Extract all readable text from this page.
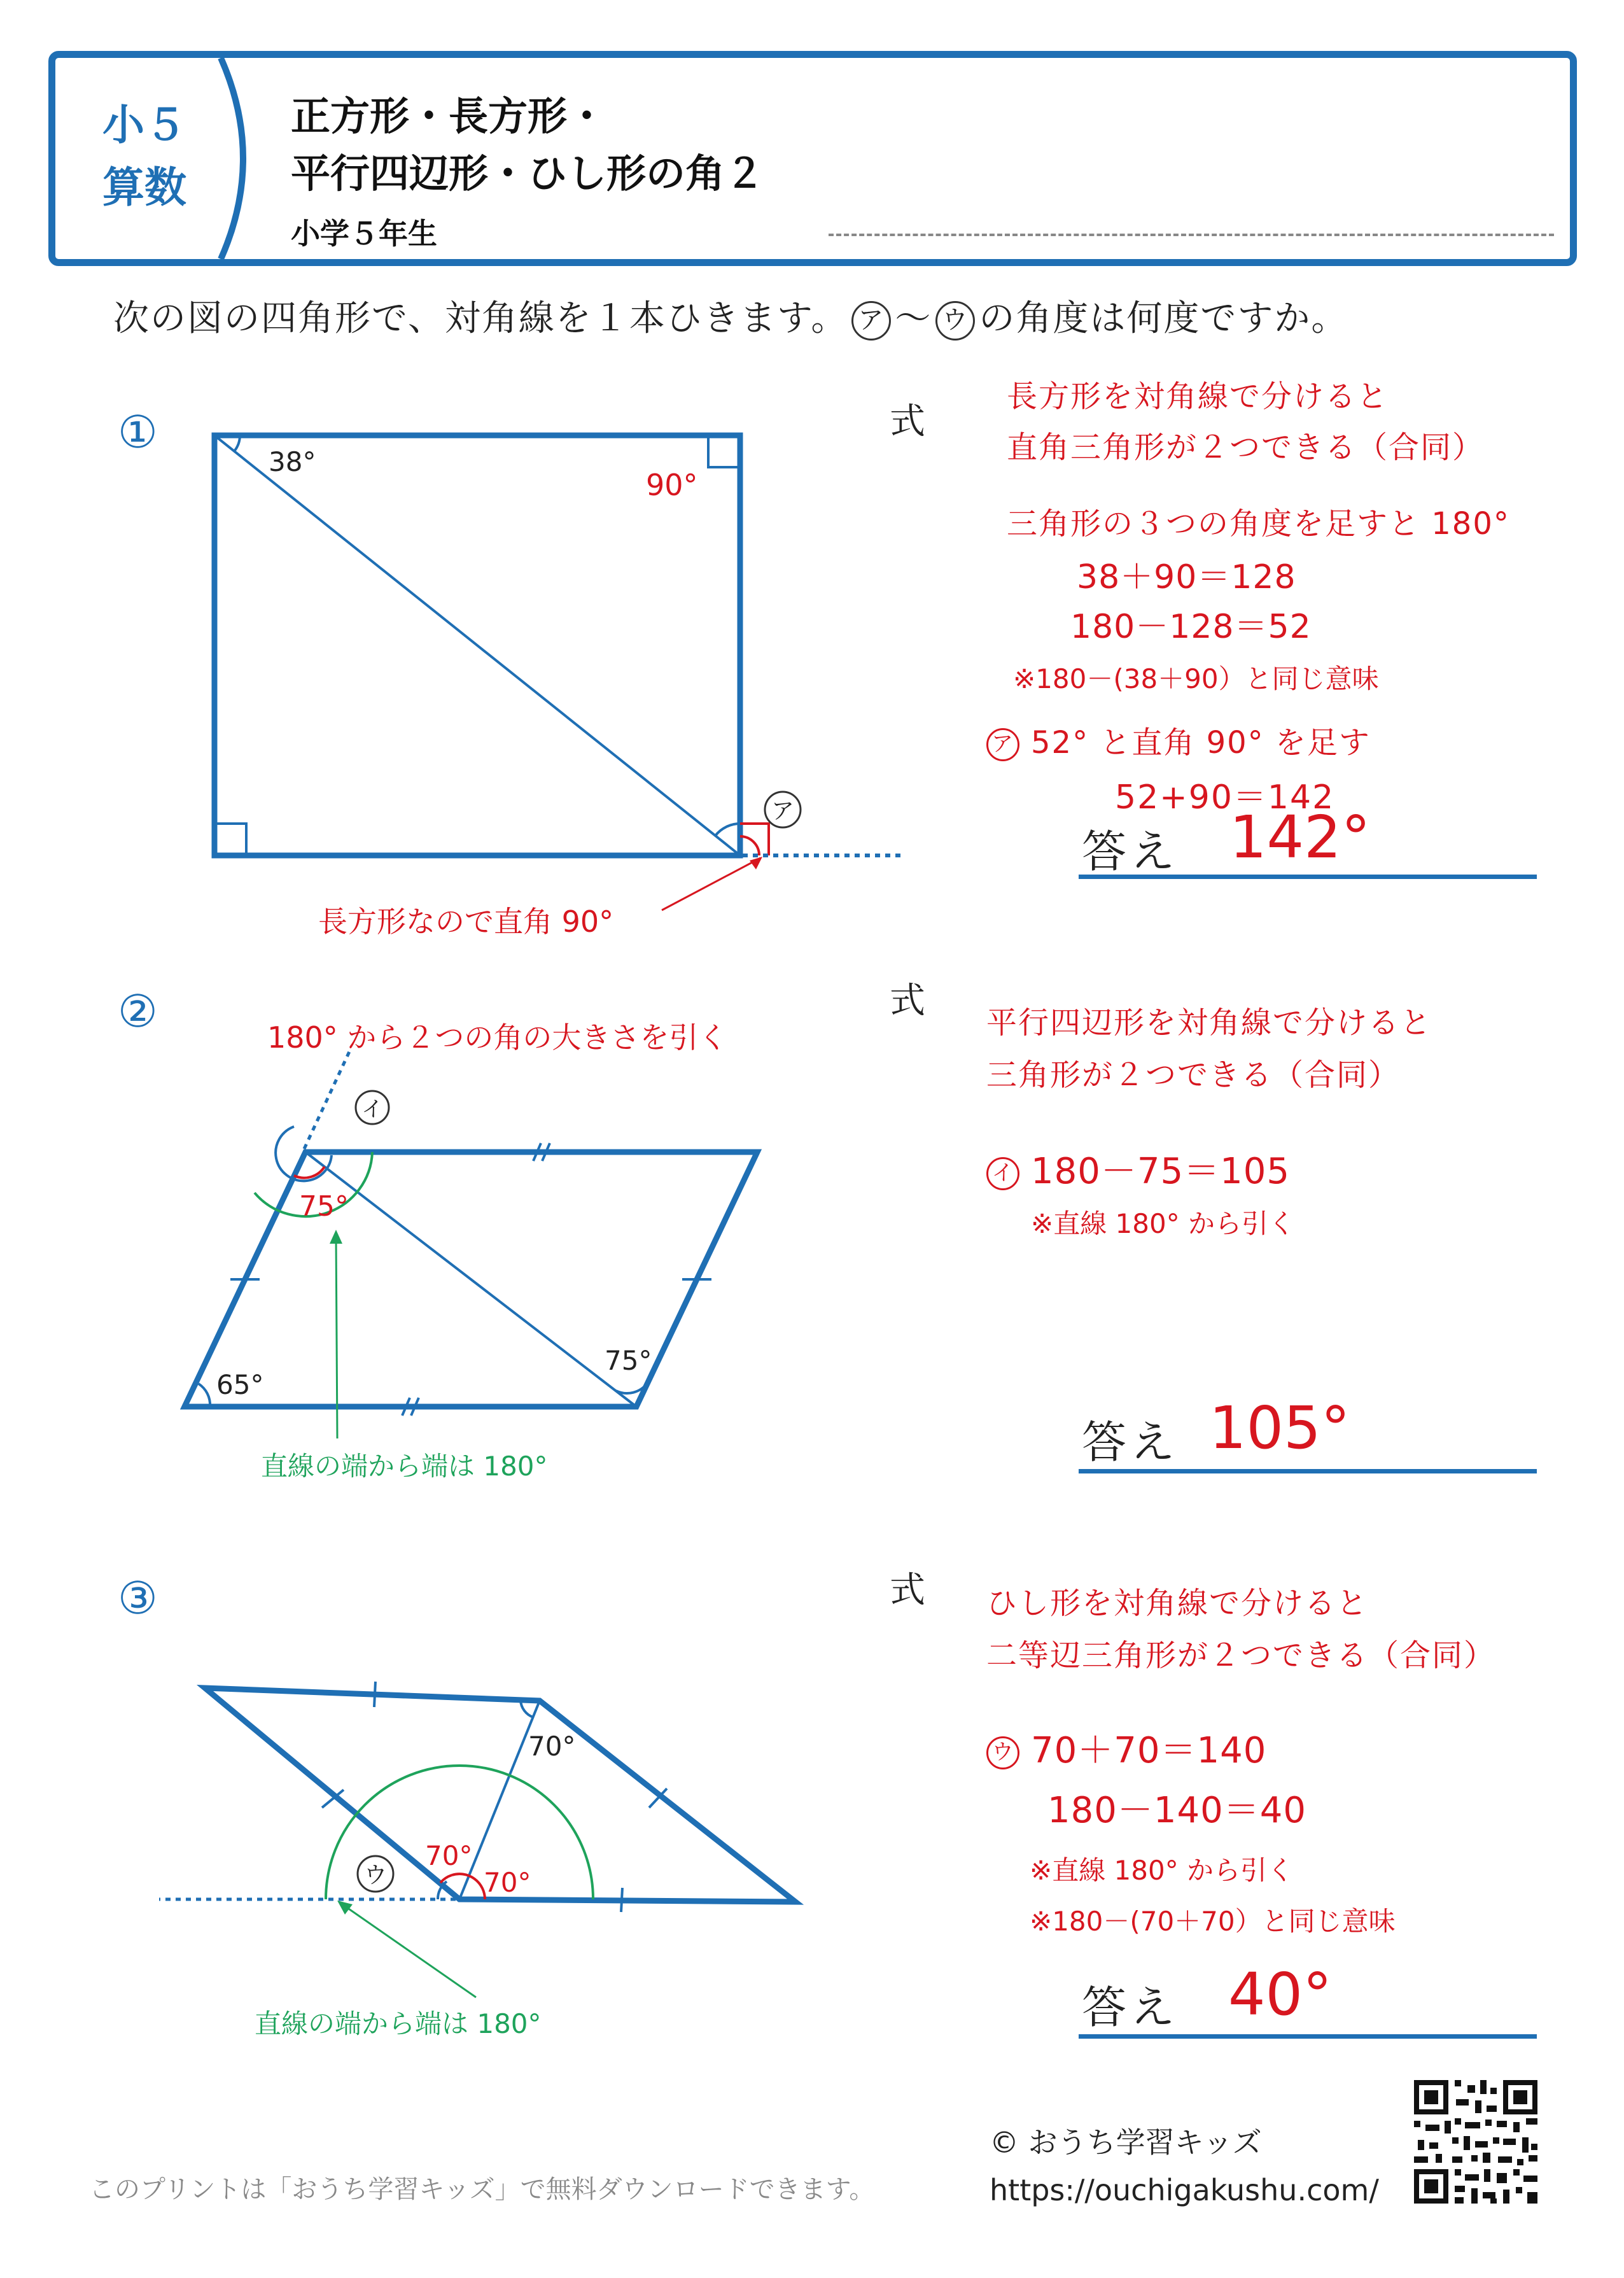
小５
算数
正方形・長方形・
平行四辺形・ひし形の角２
小学５年生
次の図の四角形で、対角線を１本ひきます。 ア 〜 ウ の角度は何度ですか。
①
38°
90°
ア
長方形なので直角 90°
式
長方形を対角線で分けると
直角三角形が２つできる（合同）
三角形の３つの角度を足すと 180°
38＋90＝128
180－128＝52
※180－(38＋90）と同じ意味
ア 52° と直角 90° を足す
52+90＝142
答え 142°
②
75°
イ
180° から２つの角の大きさを引く
65°
75°
直線の端から端は 180°
式
平行四辺形を対角線で分けると
三角形が２つできる（合同）
イ 180－75＝105
※直線 180° から引く
答え 105°
③
70°
70°
70°
ウ
直線の端から端は 180°
式 ひし形を対角線で分けると
二等辺三角形が２つできる（合同）
ウ 70＋70＝140
180－140＝40
※直線 180° から引く
※180－(70＋70）と同じ意味
答え 40°
このプリントは「おうち学習キッズ」で無料ダウンロードできます。
© おうち学習キッズ
https://ouchigakushu.com/
